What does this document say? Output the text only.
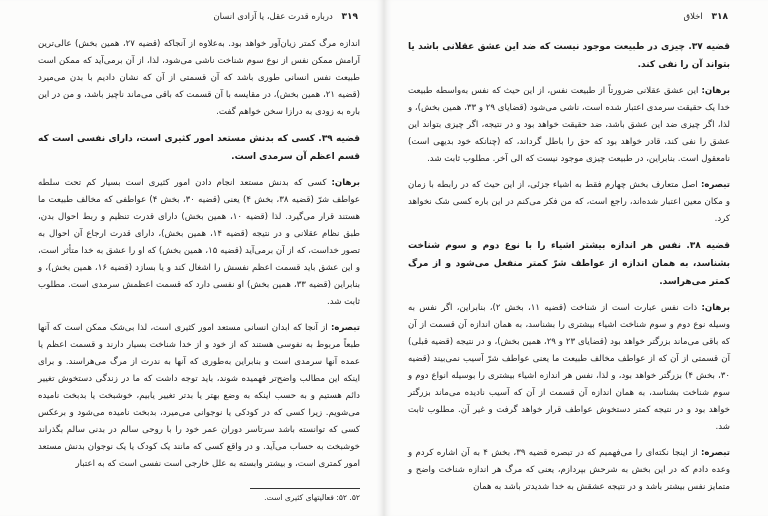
۳۱۹ درباره قدرت عقل، یا آزادی انسان

اندازه مرگ کمتر زیان‌آور خواهد بود. به‌علاوه از آنجاکه (قضیه ۲۷، همین بخش) عالی‌ترین آرامش ممکن نفس از نوع سوم شناخت ناشی می‌شود، لذا، از آن برمی‌آید که ممکن است طبیعت نفس انسانی طوری باشد که آن قسمتی از آن که نشان دادیم با بدن می‌میرد (قضیه ۲۱، همین بخش)، در مقایسه با آن قسمت که باقی می‌ماند ناچیز باشد، و من در این باره به زودی به درازا سخن خواهم گفت.

قضیه ۳۹. کسی که بدنش مستعد امور کثیری است، دارای نفسی است که قسم اعظم آن سرمدی است.

برهان: کسی که بدنش مستعد انجام دادن امور کثیری است بسیار کم تحت سلطه عواطف شرّ (قضیه ۳۸، بخش ۴) یعنی (قضیه ۳۰، بخش ۴) عواطفی که مخالف طبیعت ما هستند قرار می‌گیرد. لذا (قضیه ۱۰، همین بخش) دارای قدرت تنظیم و ربط احوال بدن، طبق نظام عقلانی و در نتیجه (قضیه ۱۴، همین بخش)، دارای قدرت ارجاع آن احوال به تصور خداست، که از آن برمی‌آید (قضیه ۱۵، همین بخش) که او را عشق به خدا متأثر است، و این عشق باید قسمت اعظم نفسش را اشغال کند و یا بسازد (قضیه ۱۶، همین بخش)، و بنابراین (قضیه ۳۳، همین بخش) او نفسی دارد که قسمت اعظمش سرمدی است. مطلوب ثابت شد.

تبصره: از آنجا که ابدان انسانی مستعد امور کثیری است، لذا بی‌شک ممکن است که آنها طبعاً مربوط به نفوسی هستند که از خود و از خدا شناخت بسیار دارند و قسمت اعظم یا عمده آنها سرمدی است و بنابراین به‌طوری که آنها به ندرت از مرگ می‌هراسند. و برای اینکه این مطالب واضح‌تر فهمیده شوند، باید توجه داشت که ما در زندگی دستخوش تغییر دائم هستیم و به حسب اینکه به وضع بهتر یا بدتر تغییر یابیم، خوشبخت یا بدبخت نامیده می‌شویم. زیرا کسی که در کودکی یا نوجوانی می‌میرد، بدبخت نامیده می‌شود و برعکس کسی که توانسته باشد سرتاسر دوران عمر خود را با روحی سالم در بدنی سالم بگذراند خوشبخت به حساب می‌آید. و در واقع کسی که مانند یک کودک یا یک نوجوان بدنش مستعد امور کمتری است، و بیشتر وابسته به علل خارجی است نفسی است که به اعتبار

۵۲. ۵۲: فعالیتهای کثیری است.
۳۱۸ اخلاق

قضیه ۳۷. چیزی در طبیعت موجود نیست که ضد این عشق عقلانی باشد یا بتواند آن را نفی کند.

برهان: این عشق عقلانی ضرورتاً از طبیعت نفس، از این حیث که نفس به‌واسطه طبیعت خدا یک حقیقت سرمدی اعتبار شده است، ناشی می‌شود (قضایای ۲۹ و ۳۳، همین بخش)، و لذا، اگر چیزی ضد این عشق باشد، ضد حقیقت خواهد بود و در نتیجه، اگر چیزی بتواند این عشق را نفی کند، قادر خواهد بود که حق را باطل گرداند، که (چنانکه خود بدیهی است) نامعقول است. بنابراین، در طبیعت چیزی موجود نیست که الی آخر. مطلوب ثابت شد.

تبصره: اصل متعارف بخش چهارم فقط به اشیاء جزئی، از این حیث که در رابطه با زمان و مکان معین اعتبار شده‌اند، راجع است، که من فکر می‌کنم در این باره کسی شک نخواهد کرد.

قضیه ۳۸. نفس هر اندازه بیشتر اشیاء را با نوع دوم و سوم شناخت بشناسد، به همان اندازه از عواطف شرّ کمتر منفعل می‌شود و از مرگ کمتر می‌هراسد.

برهان: ذات نفس عبارت است از شناخت (قضیه ۱۱، بخش ۲)، بنابراین، اگر نفس به وسیله نوع دوم و سوم شناخت اشیاء بیشتری را بشناسد، به همان اندازه آن قسمت از آن که باقی می‌ماند بزرگتر خواهد بود (قضایای ۲۳ و ۲۹، همین بخش)، و در نتیجه (قضیه قبلی) آن قسمتی از آن که از عواطف مخالف طبیعت ما یعنی عواطف شرّ آسیب نمی‌بیند (قضیه ۳۰، بخش ۴) بزرگتر خواهد بود، و لذا، نفس هر اندازه اشیاء بیشتری را بوسیله انواع دوم و سوم شناخت بشناسد، به همان اندازه آن قسمت از آن که آسیب نادیده می‌ماند بزرگتر خواهد بود و در نتیجه کمتر دستخوش عواطف قرار خواهد گرفت و غیر آن. مطلوب ثابت شد.

تبصره: از اینجا نکته‌ای را می‌فهمیم که در تبصره قضیه ۳۹، بخش ۴ به آن اشاره کردم و وعده دادم که در این بخش به شرحش بپردازم، یعنی که مرگ هر اندازه شناخت واضح و متمایز نفس بیشتر باشد و در نتیجه عشقش به خدا شدیدتر باشد به همان
